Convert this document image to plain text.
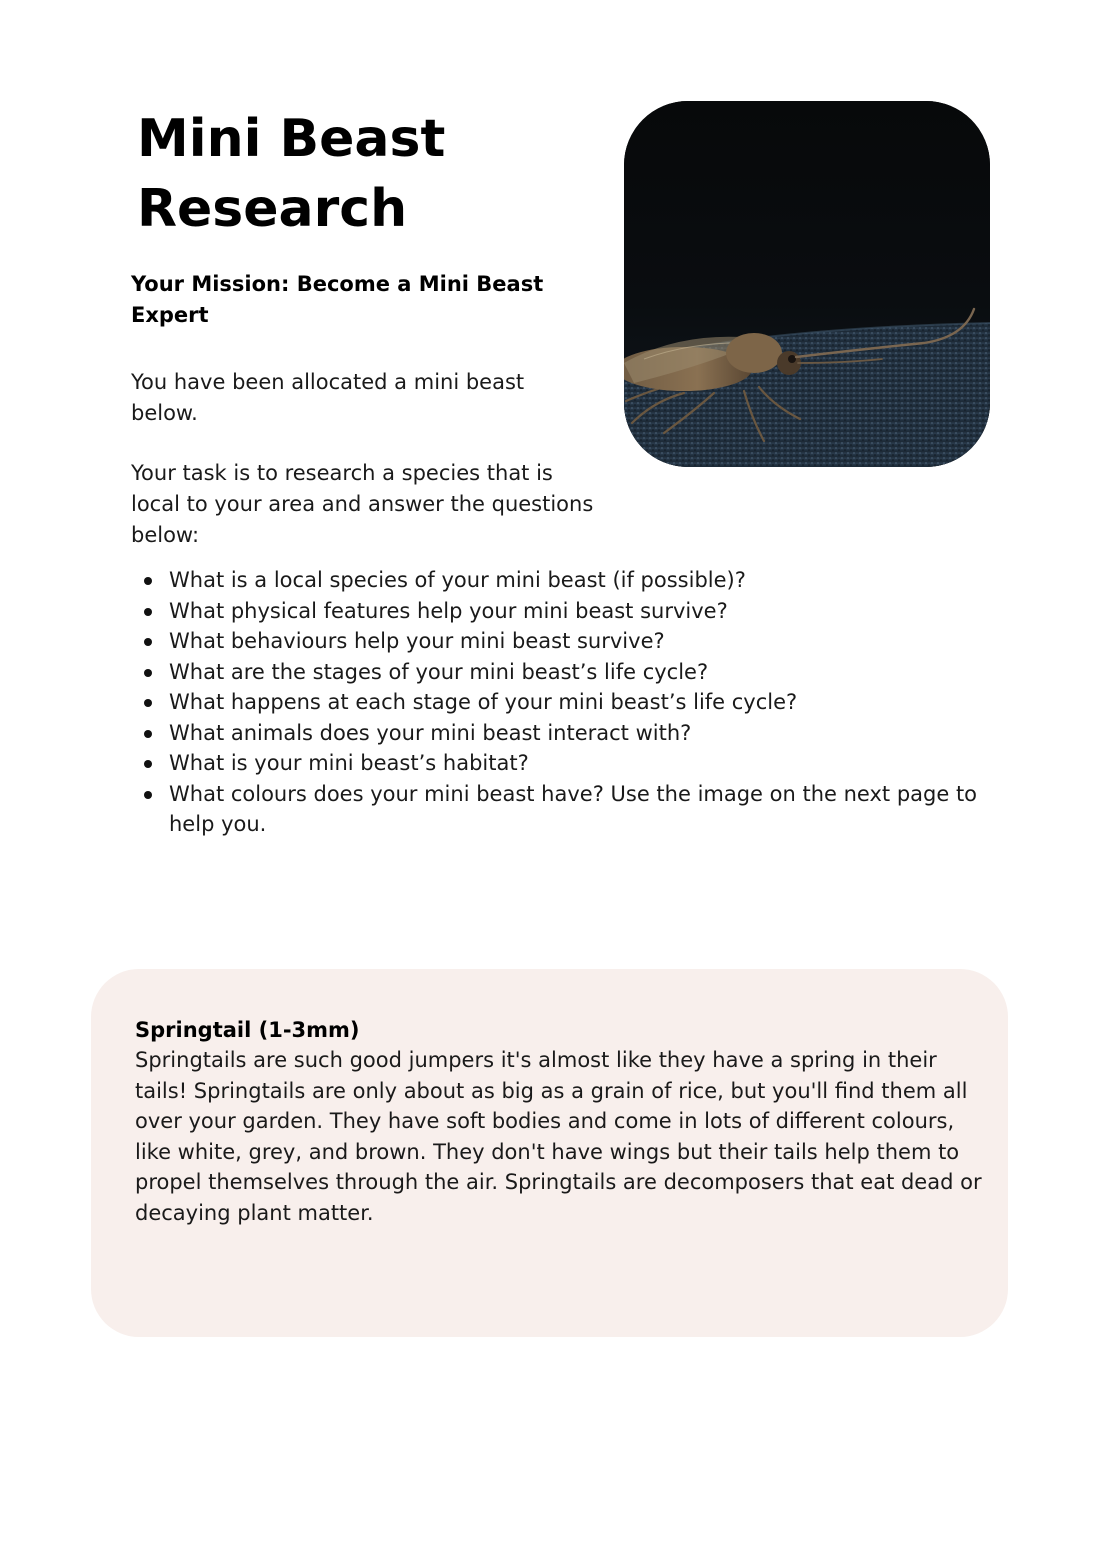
Mini Beast Research
Your Mission: Become a Mini Beast Expert

You have been allocated a mini beast below.

Your task is to research a species that is local to your area and answer the questions below:

What is a local species of your mini beast (if possible)?
What physical features help your mini beast survive?
What behaviours help your mini beast survive?
What are the stages of your mini beast’s life cycle?
What happens at each stage of your mini beast’s life cycle?
What animals does your mini beast interact with?
What is your mini beast’s habitat?
What colours does your mini beast have? Use the image on the next page to help you.
Springtail (1-3mm)

Springtails are such good jumpers it's almost like they have a spring in their tails! Springtails are only about as big as a grain of rice, but you'll find them all over your garden. They have soft bodies and come in lots of different colours, like white, grey, and brown. They don't have wings but their tails help them to propel themselves through the air. Springtails are decomposers that eat dead or decaying plant matter.
